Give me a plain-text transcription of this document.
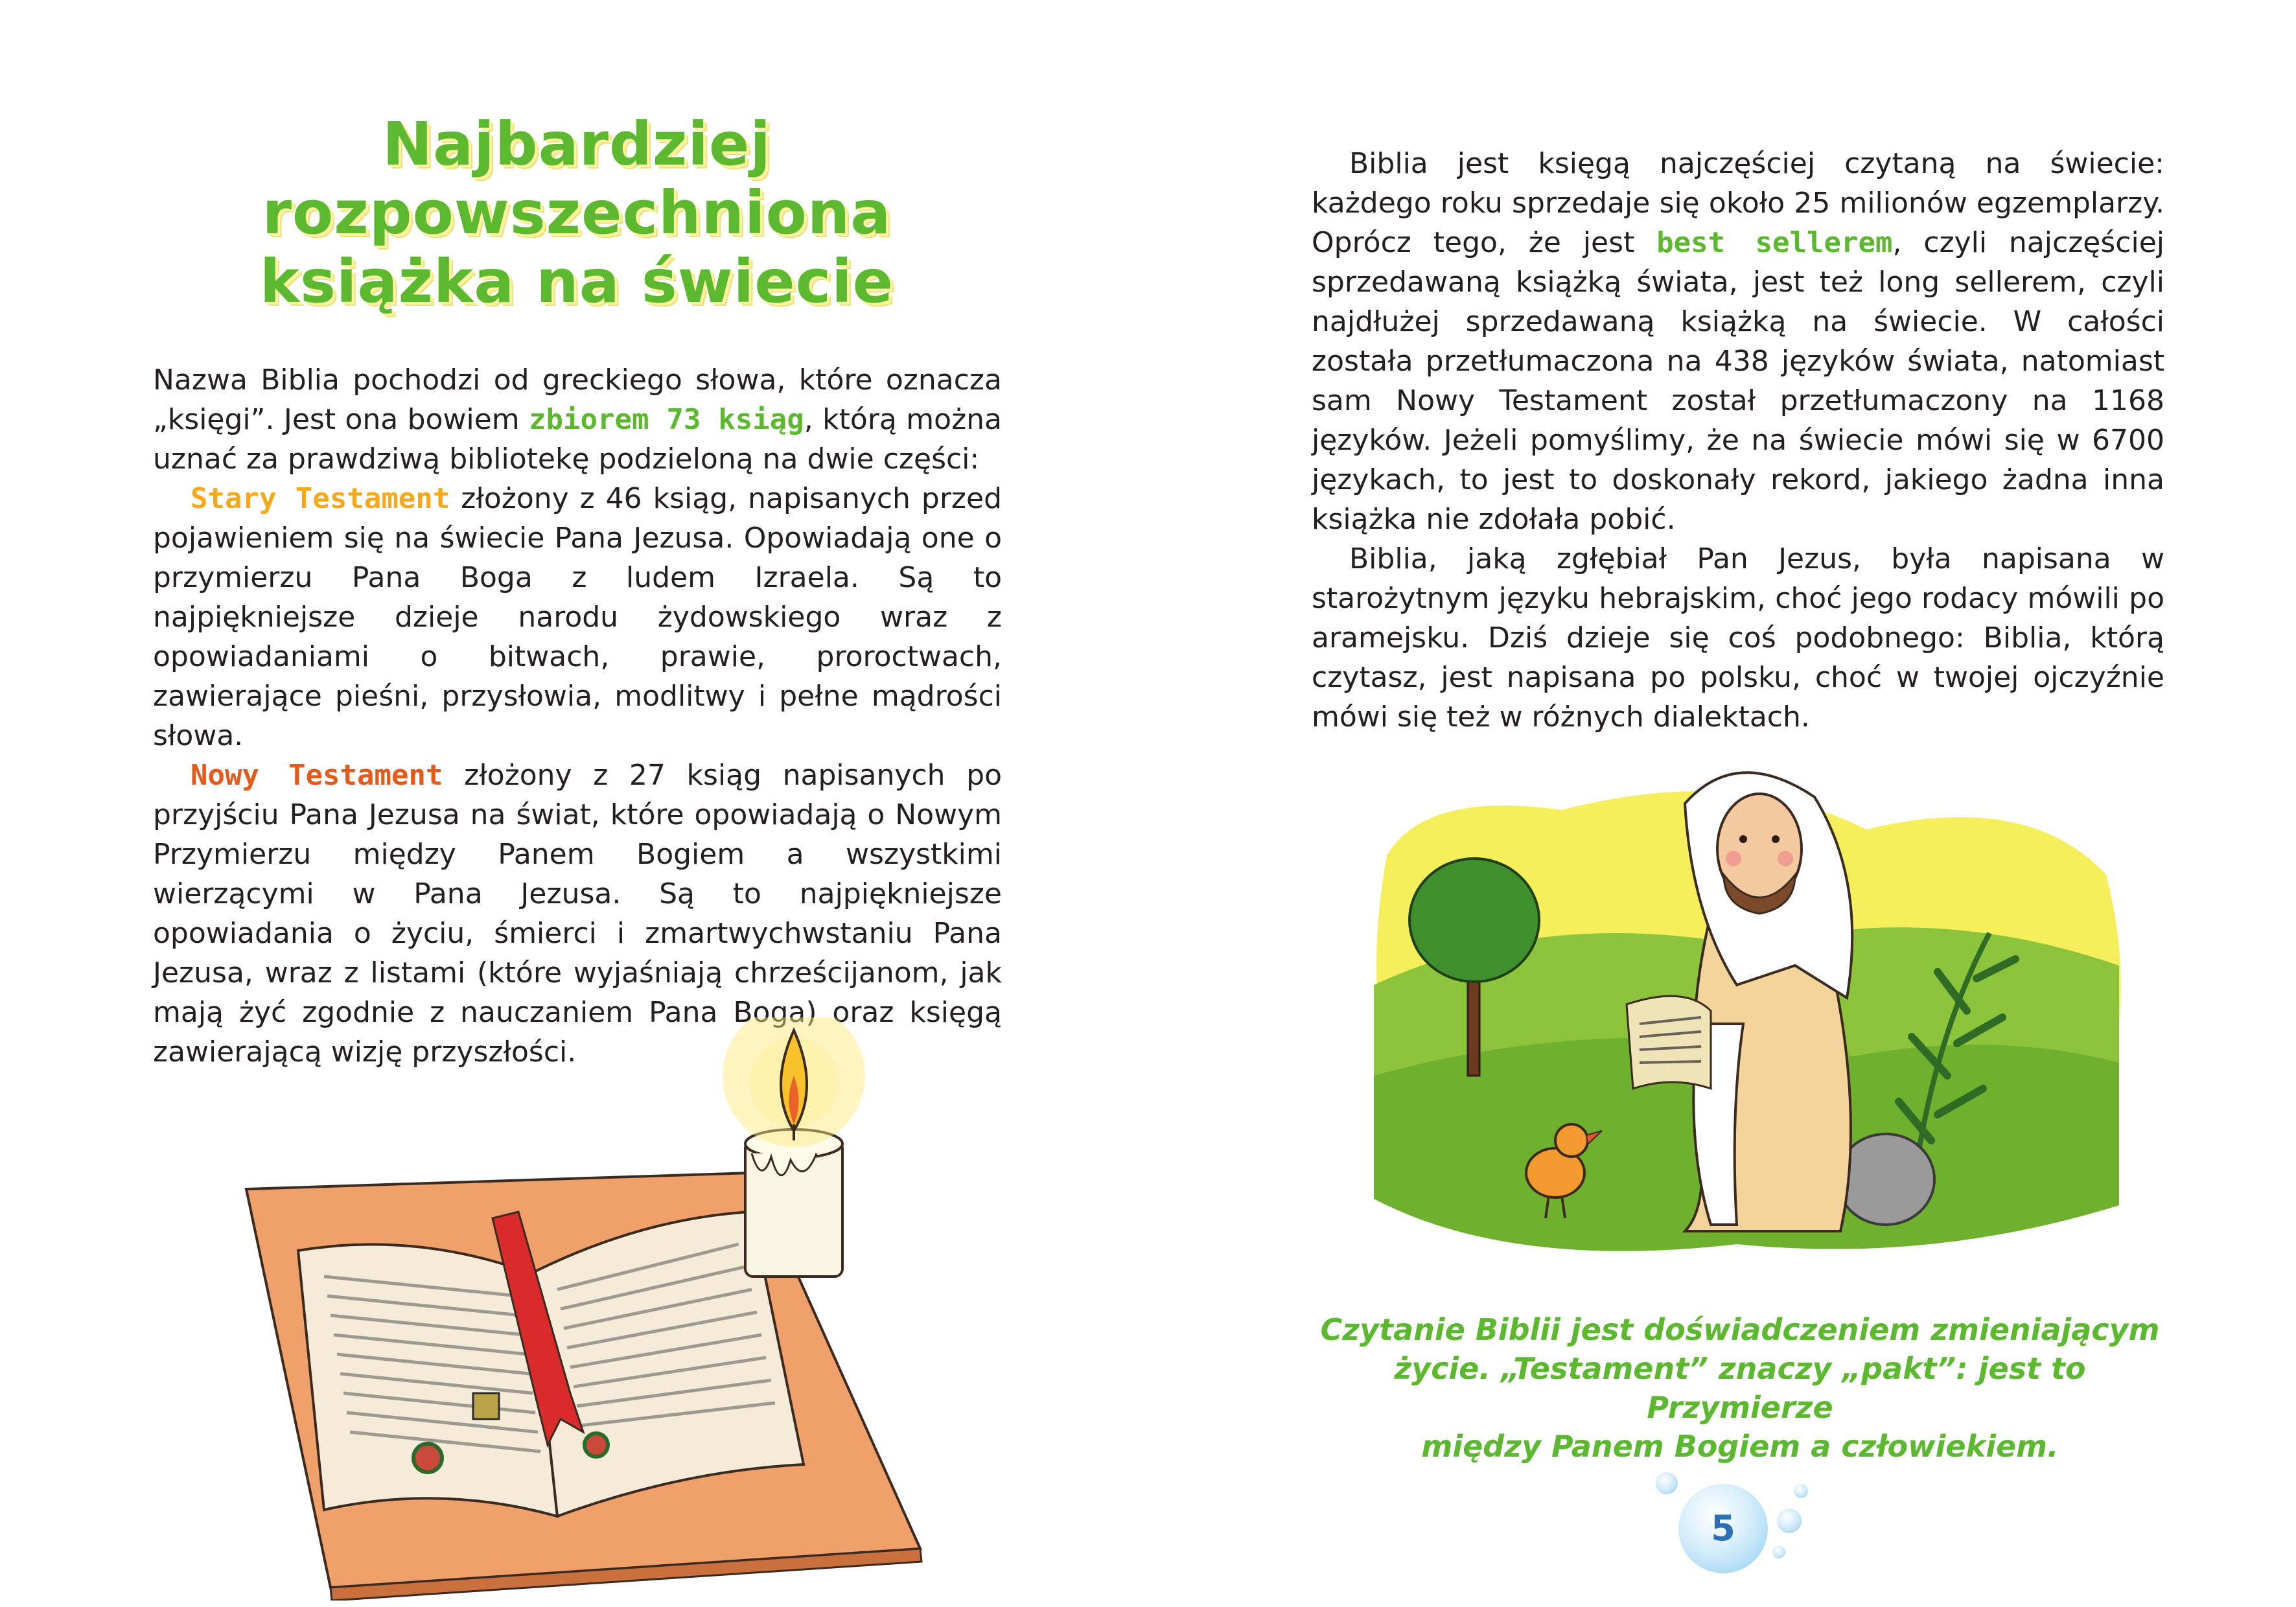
Najbardziej
rozpowszechniona
książka na świecie

Nazwa Biblia pochodzi od greckiego słowa, które oznacza „księgi”. Jest ona bowiem zbiorem 73 ksiąg, którą można uznać za prawdziwą bibliotekę podzieloną na dwie części:

Stary Testament złożony z 46 ksiąg, napisanych przed pojawieniem się na świecie Pana Jezusa. Opowiadają one o przymierzu Pana Boga z ludem Izraela. Są to najpiękniejsze dzieje narodu żydowskiego wraz z opowiadaniami o bitwach, prawie, proroctwach, zawierające pieśni, przysłowia, modlitwy i pełne mądrości słowa.

Nowy Testament złożony z 27 ksiąg napisanych po przyjściu Pana Jezusa na świat, które opowiadają o Nowym Przymierzu między Panem Bogiem a wszystkimi wierzącymi w Pana Jezusa. Są to najpiękniejsze opowiadania o życiu, śmierci i zmartwychwstaniu Pana Jezusa, wraz z listami (które wyjaśniają chrześcijanom, jak mają żyć zgodnie z nauczaniem Pana Boga) oraz księgą zawierającą wizję przyszłości.

Biblia jest księgą najczęściej czytaną na świecie: każdego roku sprzedaje się około 25 milionów egzemplarzy. Oprócz tego, że jest best sellerem, czyli najczęściej sprzedawaną książką świata, jest też long sellerem, czyli najdłużej sprzedawaną książką na świecie. W całości została przetłumaczona na 438 języków świata, natomiast sam Nowy Testament został przetłumaczony na 1168 języków. Jeżeli pomyślimy, że na świecie mówi się w 6700 językach, to jest to doskonały rekord, jakiego żadna inna książka nie zdołała pobić.

Biblia, jaką zgłębiał Pan Jezus, była napisana w starożytnym języku hebrajskim, choć jego rodacy mówili po aramejsku. Dziś dzieje się coś podobnego: Biblia, którą czytasz, jest napisana po polsku, choć w twojej ojczyźnie mówi się też w różnych dialektach.

Czytanie Biblii jest doświadczeniem zmieniającym
życie. „Testament” znaczy „pakt”: jest to Przymierze
między Panem Bogiem a człowiekiem.
5
